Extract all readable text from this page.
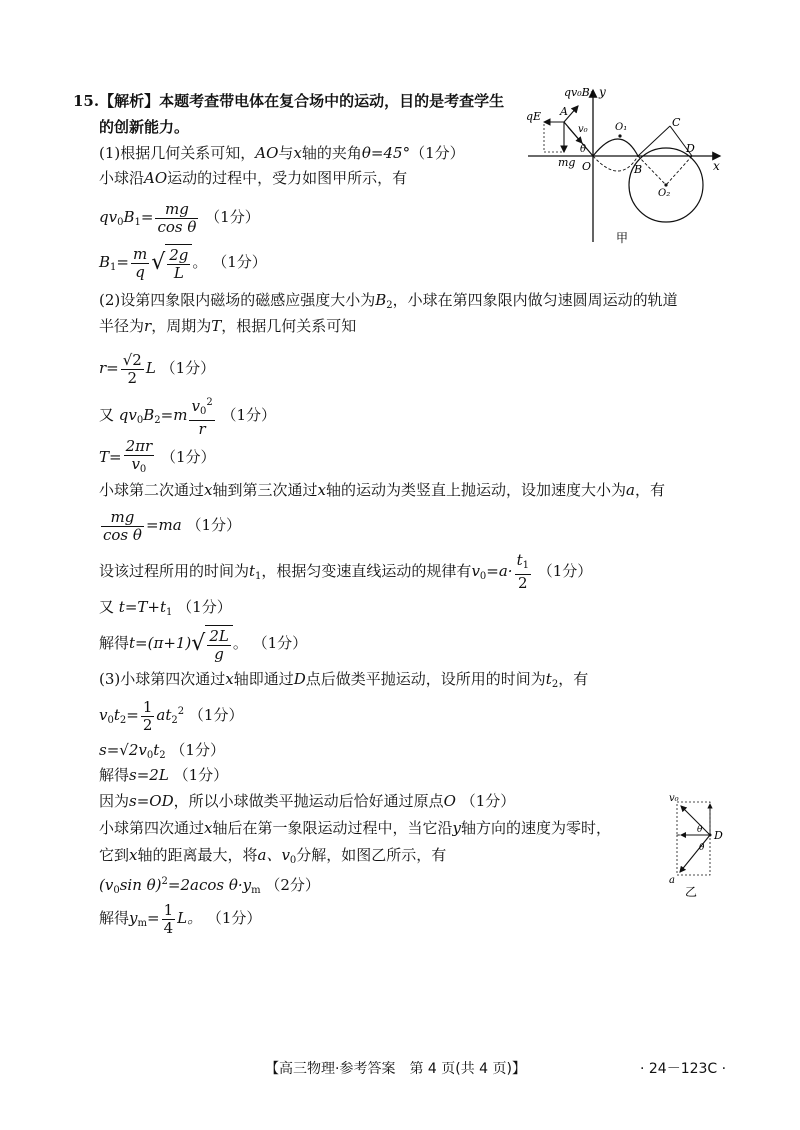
15.【解析】本题考查带电体在复合场中的运动，目的是考查学生
的创新能力。
(1)根据几何关系可知，AO与x轴的夹角θ=45°（1分）
小球沿AO运动的过程中，受力如图甲所示，有
$qv_0B_1= \frac{mg}{\text{cos θ}} (1$分）
$B_1= \frac{m}{q}$ √ $\frac{2g}{L}$ 。 （1分）
(2)设第四象限内磁场的磁感应强度大小为$B_2$，小球在第四象限内做匀速圆周运动的轨道
半径为r，周期为T，根据几何关系可知
$r= \frac{√2}{2}$ L （1分）
又 $qv_0B_2=m \frac{v_0^2}{r} (1$分）
$T= \frac{2\pi r}{v_0} (1$分）
小球第二次通过x轴到第三次通过x轴的运动为类竖直上抛运动，设加速度大小为a，有
$\frac{mg}{\text{cos θ}} =ma$ （1分）
设该过程所用的时间为$t_1$，根据匀变速直线运动的规律有$v_0=a\cdot \frac{t_1}{2} (1$分）
又 $t=T+t_1$ （1分）
解得$t=(\pi+1)√ \frac{2L}{g}$ 。 （1分）
(3)小球第四次通过x轴即通过D点后做类平抛运动，设所用的时间为$t_2$，有
$v_0t_2= \frac{1}{2} at_2^2$ （1分）
$s=√2v_0t_2$ （1分）
解得s=2L （1分）
因为s=OD，所以小球做类平抛运动后恰好通过原点O （1分）
小球第四次通过x轴后在第一象限运动过程中，当它沿y轴方向的速度为零时，
它到x轴的距离最大，将a、$v_0$分解，如图乙所示，有
($v_0\sin$ θ)$^2$=2acos $\theta\cdot y_m$ （2分）
解得$y_m= \frac{1}{4}$ L。 （1分）
qv₀B₁ y
qE A
v₀
θ
mg O
O₁	C
D
x
B
O₂
甲
v₀
D
θ
θ
a
乙
【高三物理·参考答案　第 4 页(共 4 页)】	· 24－123C ·
